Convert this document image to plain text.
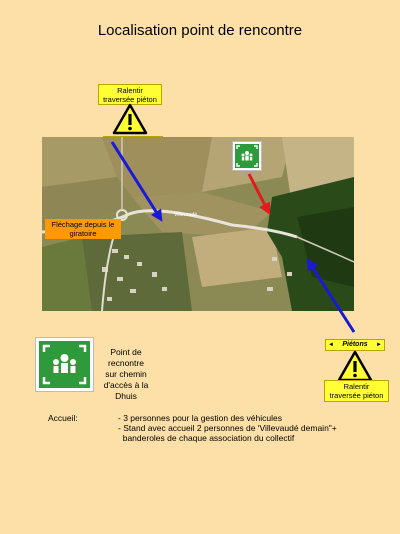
Localisation point de rencontre
Ralentir
traversée piéton
Villevaudé
Fléchage depuis le giratoire
◄ Piétons ►
Ralentir
traversée piéton
Point de recnontre
sur chemin
d'accès à la Dhuis
Accueil:	- 3 personnes pour la gestion des véhicules
- Stand avec accueil 2 personnes de 'Villevaudé demain"+
banderoles de chaque association du collectif
